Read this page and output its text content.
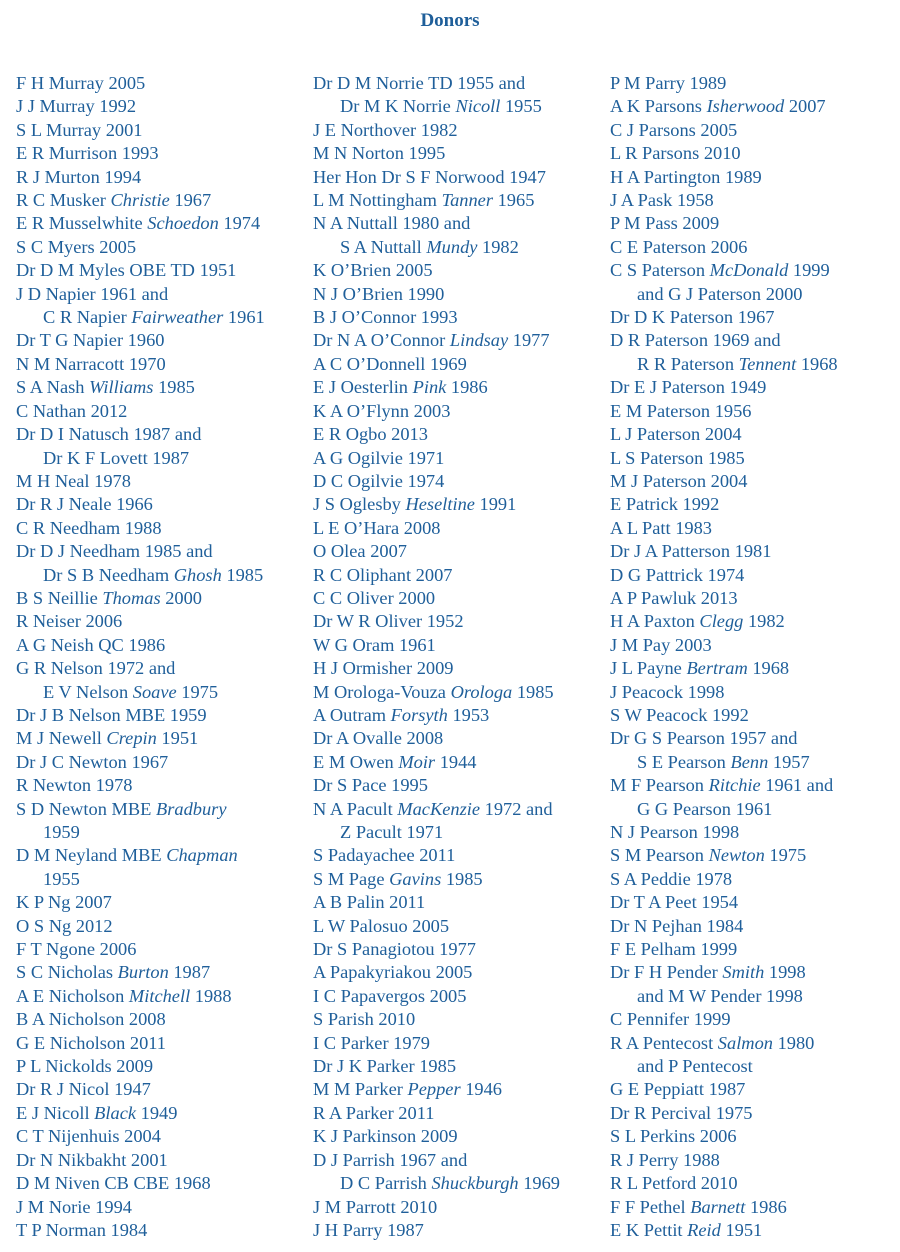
Donors
F H Murray 2005
J J Murray 1992
S L Murray 2001
E R Murrison 1993
R J Murton 1994
R C Musker Christie 1967
E R Musselwhite Schoedon 1974
S C Myers 2005
Dr D M Myles OBE TD 1951
J D Napier 1961 and
C R Napier Fairweather 1961
Dr T G Napier 1960
N M Narracott 1970
S A Nash Williams 1985
C Nathan 2012
Dr D I Natusch 1987 and
Dr K F Lovett 1987
M H Neal 1978
Dr R J Neale 1966
C R Needham 1988
Dr D J Needham 1985 and
Dr S B Needham Ghosh 1985
B S Neillie Thomas 2000
R Neiser 2006
A G Neish QC 1986
G R Nelson 1972 and
E V Nelson Soave 1975
Dr J B Nelson MBE 1959
M J Newell Crepin 1951
Dr J C Newton 1967
R Newton 1978
S D Newton MBE Bradbury
1959
D M Neyland MBE Chapman
1955
K P Ng 2007
O S Ng 2012
F T Ngone 2006
S C Nicholas Burton 1987
A E Nicholson Mitchell 1988
B A Nicholson 2008
G E Nicholson 2011
P L Nickolds 2009
Dr R J Nicol 1947
E J Nicoll Black 1949
C T Nijenhuis 2004
Dr N Nikbakht 2001
D M Niven CB CBE 1968
J M Norie 1994
T P Norman 1984
Dr D M Norrie TD 1955 and
Dr M K Norrie Nicoll 1955
J E Northover 1982
M N Norton 1995
Her Hon Dr S F Norwood 1947
L M Nottingham Tanner 1965
N A Nuttall 1980 and
S A Nuttall Mundy 1982
K O’Brien 2005
N J O’Brien 1990
B J O’Connor 1993
Dr N A O’Connor Lindsay 1977
A C O’Donnell 1969
E J Oesterlin Pink 1986
K A O’Flynn 2003
E R Ogbo 2013
A G Ogilvie 1971
D C Ogilvie 1974
J S Oglesby Heseltine 1991
L E O’Hara 2008
O Olea 2007
R C Oliphant 2007
C C Oliver 2000
Dr W R Oliver 1952
W G Oram 1961
H J Ormisher 2009
M Orologa-Vouza Orologa 1985
A Outram Forsyth 1953
Dr A Ovalle 2008
E M Owen Moir 1944
Dr S Pace 1995
N A Pacult MacKenzie 1972 and
Z Pacult 1971
S Padayachee 2011
S M Page Gavins 1985
A B Palin 2011
L W Palosuo 2005
Dr S Panagiotou 1977
A Papakyriakou 2005
I C Papavergos 2005
S Parish 2010
I C Parker 1979
Dr J K Parker 1985
M M Parker Pepper 1946
R A Parker 2011
K J Parkinson 2009
D J Parrish 1967 and
D C Parrish Shuckburgh 1969
J M Parrott 2010
J H Parry 1987
P M Parry 1989
A K Parsons Isherwood 2007
C J Parsons 2005
L R Parsons 2010
H A Partington 1989
J A Pask 1958
P M Pass 2009
C E Paterson 2006
C S Paterson McDonald 1999
and G J Paterson 2000
Dr D K Paterson 1967
D R Paterson 1969 and
R R Paterson Tennent 1968
Dr E J Paterson 1949
E M Paterson 1956
L J Paterson 2004
L S Paterson 1985
M J Paterson 2004
E Patrick 1992
A L Patt 1983
Dr J A Patterson 1981
D G Pattrick 1974
A P Pawluk 2013
H A Paxton Clegg 1982
J M Pay 2003
J L Payne Bertram 1968
J Peacock 1998
S W Peacock 1992
Dr G S Pearson 1957 and
S E Pearson Benn 1957
M F Pearson Ritchie 1961 and
G G Pearson 1961
N J Pearson 1998
S M Pearson Newton 1975
S A Peddie 1978
Dr T A Peet 1954
Dr N Pejhan 1984
F E Pelham 1999
Dr F H Pender Smith 1998
and M W Pender 1998
C Pennifer 1999
R A Pentecost Salmon 1980
and P Pentecost
G E Peppiatt 1987
Dr R Percival 1975
S L Perkins 2006
R J Perry 1988
R L Petford 2010
F F Pethel Barnett 1986
E K Pettit Reid 1951
